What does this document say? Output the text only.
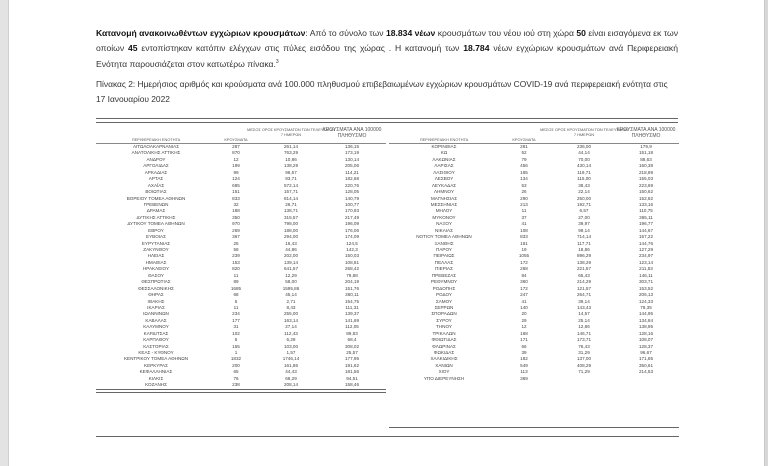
Κατανομή ανακοινωθέντων εγχώριων κρουσμάτων: Από το σύνολο των 18.834 νέων κρουσμάτων του νέου ιού στη χώρα 50 είναι εισαγόμενα εκ των οποίων 45 εντοπίστηκαν κατόπιν ελέγχων στις πύλες εισόδου της χώρας . Η κατανομή των 18.784 νέων εγχώριων κρουσμάτων ανά Περιφερειακή Ενότητα παρουσιάζεται στον κατωτέρω πίνακα.$^3$

Πίνακας 2: Ημερήσιος αριθμός και κρούσματα ανά 100.000 πληθυσμού επιβεβαιωμένων εγχώριων κρουσμάτων COVID-19 ανά περιφερειακή ενότητα στις 17 Ιανουαρίου 2022

ΠΕΡΙΦΕΡΕΙΑΚΗ ΕΝΟΤΗΤΑ	ΚΡΟΥΣΜΑΤΑ
ΜΕΣΟΣ ΟΡΟΣ ΚΡΟΥΣΜΑΤΩΝ ΤΩΝ ΤΕΛΕΥΤΑΙΩΝ 7 ΗΜΕΡΩΝ
ΚΡΟΥΣΜΑΤΑ ΑΝΑ 100000 ΠΛΗΘΥΣΜΟ
ΑΙΤΩΛΟΑΚΑΡΝΑΝΙΑΣ	287	261,14	136,15
ΑΝΑΤΟΛΙΚΗΣ ΑΤΤΙΚΗΣ	870	763,29	173,19
ΑΝΔΡΟΥ	12	10,86	130,14
ΑΡΓΟΛΙΔΑΣ	199	138,29	205,06
ΑΡΚΑΔΙΑΣ	99	96,57	114,21
ΑΡΤΑΣ	124	93,71	182,68
ΑΧΑΪΑΣ	685	572,14	220,76
ΒΟΙΩΤΙΑΣ	151	157,71	128,05
ΒΟΡΕΙΟΥ ΤΟΜΕΑ ΑΘΗΝΩΝ	833	814,14	140,79
ΓΡΕΒΕΝΩΝ	32	26,71	100,77
ΔΡΑΜΑΣ	188	138,71	170,93
ΔΥΤΙΚΗΣ ΑΤΤΙΚΗΣ	350	315,57	217,49
ΔΥΤΙΚΟΥ ΤΟΜΕΑ ΑΘΗΝΩΝ	970	798,00	196,09
ΕΒΡΟΥ	269	188,00	176,06
ΕΥΒΟΙΑΣ	367	294,00	174,09
ΕΥΡΥΤΑΝΙΑΣ	25	16,43	124,5
ΖΑΚΥΝΘΟΥ	58	44,86	142,3
ΗΛΕΙΑΣ	239	202,00	150,03
ΗΜΑΘΙΑΣ	153	139,14	108,81
ΗΡΑΚΛΕΙΟΥ	820	641,57	268,42
ΘΑΣΟΥ	11	12,29	79,88
ΘΕΣΠΡΩΤΙΑΣ	89	58,00	204,19
ΘΕΣΣΑΛΟΝΙΚΗΣ	1685	1595,86	151,76
ΘΗΡΑΣ	68	45,14	360,11
ΙΘΑΚΗΣ	5	2,71	154,75
ΙΚΑΡΙΑΣ	11	8,43	111,31
ΙΩΑΝΝΙΝΩΝ	234	255,00	139,37
ΚΑΒΑΛΑΣ	177	163,14	141,69
ΚΑΛΥΜΝΟΥ	31	27,14	112,05
ΚΑΡΔΙΤΣΑΣ	102	112,43	89,83
ΚΑΡΠΑΘΟΥ	5	6,29	68,4
ΚΑΣΤΟΡΙΑΣ	155	103,00	308,02
ΚΕΑΣ - ΚΥΘΝΟΥ	1	1,57	25,57
ΚΕΝΤΡΙΚΟΥ ΤΟΜΕΑ ΑΘΗΝΩΝ	1832	1746,14	177,95
ΚΕΡΚΥΡΑΣ	200	161,86	191,62
ΚΕΦΑΛΛΗΝΙΑΣ	65	44,43	181,56
ΚΙΛΚΙΣ	76	68,29	94,51
ΚΟΖΑΝΗΣ	238	208,14	158,46
ΠΕΡΙΦΕΡΕΙΑΚΗ ΕΝΟΤΗΤΑ	ΚΡΟΥΣΜΑΤΑ
ΜΕΣΟΣ ΟΡΟΣ ΚΡΟΥΣΜΑΤΩΝ ΤΩΝ ΤΕΛΕΥΤΑΙΩΝ 7 ΗΜΕΡΩΝ
ΚΡΟΥΣΜΑΤΑ ΑΝΑ 100000 ΠΛΗΘΥΣΜΟ
ΚΟΡΙΝΘΙΑΣ	261	236,00	179,9
ΚΩ	52	44,14	151,18
ΛΑΚΩΝΙΑΣ	79	70,00	88,63
ΛΑΡΙΣΑΣ	456	430,14	160,38
ΛΑΣΙΘΙΟΥ	165	119,71	218,89
ΛΕΣΒΟΥ	134	115,00	155,03
ΛΕΥΚΑΔΑΣ	53	38,43	223,69
ΛΗΜΝΟΥ	26	22,14	150,62
ΜΑΓΝΗΣΙΑΣ	290	250,00	152,82
ΜΕΣΣΗΝΙΑΣ	213	192,71	133,16
ΜΗΛΟΥ	11	6,57	110,75
ΜΥΚΟΝΟΥ	37	27,00	365,11
ΝΑΞΟΥ	41	39,97	196,77
ΝΙΚΑΙΑΣ	108	99,14	144,67
ΝΟΤΙΟΥ ΤΟΜΕΑ ΑΘΗΝΩΝ	833	714,14	157,22
ΞΑΝΘΗΣ	161	117,71	144,76
ΠΑΡΟΥ	19	18,86	127,29
ΠΕΙΡΑΙΩΣ	1055	896,29	234,97
ΠΕΛΛΑΣ	172	138,29	123,14
ΠΙΕΡΙΑΣ	268	221,57	211,53
ΠΡΕΒΕΖΑΣ	84	65,43	146,11
ΡΕΘΥΜΝΟΥ	360	214,29	303,71
ΡΟΔΟΠΗΣ	172	121,57	153,52
ΡΟΔΟΥ	247	264,71	206,13
ΣΑΜΟΥ	41	39,14	124,33
ΣΕΡΡΩΝ	140	143,43	79,35
ΣΠΟΡΑΔΩΝ	20	14,57	144,95
ΣΥΡΟΥ	29	25,14	134,84
ΤΗΝΟΥ	12	12,86	138,95
ΤΡΙΚΑΛΩΝ	168	146,71	128,16
ΦΘΙΩΤΙΔΑΣ	171	173,71	108,07
ΦΛΩΡΙΝΑΣ	66	76,43	128,37
ΦΩΚΙΔΑΣ	39	31,29	96,67
ΧΑΛΚΙΔΙΚΗΣ	182	137,00	171,85
ΧΑΝΙΩΝ	549	408,29	350,61
ΧΙΟΥ	113	71,29	214,53
ΥΠΟ ΔΙΕΡΕΥΝΗΣΗ	369
